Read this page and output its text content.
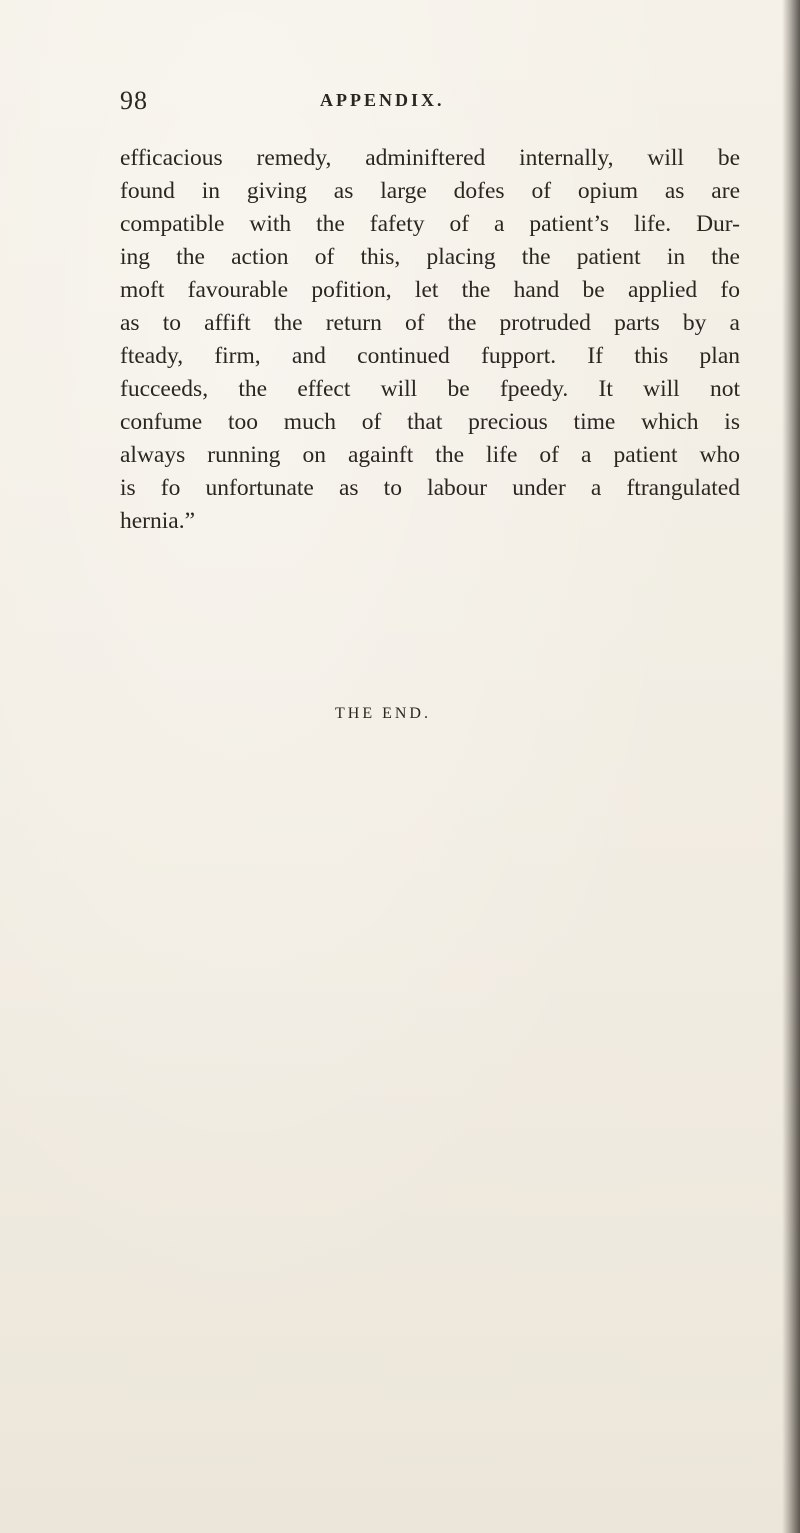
98	APPENDIX.
efficacious remedy, adminiftered internally, will be
found in giving as large dofes of opium as are
compatible with the fafety of a patient’s life. Dur-
ing the action of this, placing the patient in the
moft favourable pofition, let the hand be applied fo
as to affift the return of the protruded parts by a
fteady, firm, and continued fupport. If this plan
fucceeds, the effect will be fpeedy. It will not
confume too much of that precious time which is
always running on againft the life of a patient who
is fo unfortunate as to labour under a ftrangulated
hernia.”
THE END.
